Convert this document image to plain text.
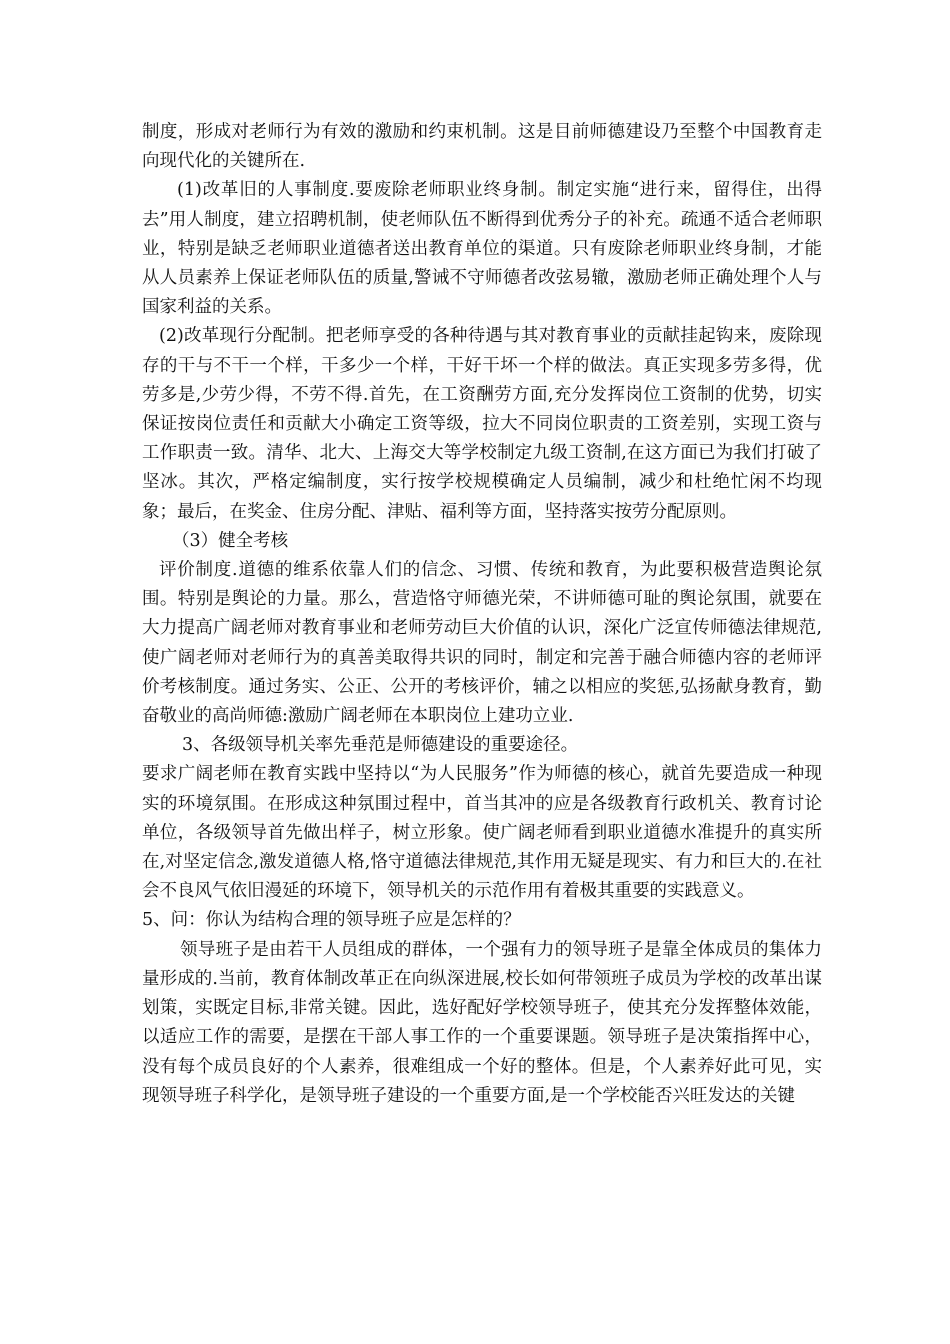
制度，形成对老师行为有效的激励和约束机制。这是目前师德建设乃至整个中国教育走向现代化的关键所在.

(1)改革旧的人事制度.要废除老师职业终身制。制定实施“进行来，留得住，出得去”用人制度，建立招聘机制，使老师队伍不断得到优秀分子的补充。疏通不适合老师职业，特别是缺乏老师职业道德者送出教育单位的渠道。只有废除老师职业终身制，才能从人员素养上保证老师队伍的质量,警诫不守师德者改弦易辙，激励老师正确处理个人与国家利益的关系。

(2)改革现行分配制。把老师享受的各种待遇与其对教育事业的贡献挂起钩来，废除现存的干与不干一个样，干多少一个样，干好干坏一个样的做法。真正实现多劳多得，优劳多是,少劳少得，不劳不得.首先，在工资酬劳方面,充分发挥岗位工资制的优势，切实保证按岗位责任和贡献大小确定工资等级，拉大不同岗位职责的工资差别，实现工资与工作职责一致。清华、北大、上海交大等学校制定九级工资制,在这方面已为我们打破了坚冰。其次，严格定编制度，实行按学校规模确定人员编制，减少和杜绝忙闲不均现象；最后，在奖金、住房分配、津贴、福利等方面，坚持落实按劳分配原则。

（3）健全考核

评价制度.道德的维系依靠人们的信念、习惯、传统和教育，为此要积极营造舆论氛围。特别是舆论的力量。那么，营造恪守师德光荣，不讲师德可耻的舆论氛围，就要在大力提高广阔老师对教育事业和老师劳动巨大价值的认识，深化广泛宣传师德法律规范,使广阔老师对老师行为的真善美取得共识的同时，制定和完善于融合师德内容的老师评价考核制度。通过务实、公正、公开的考核评价，辅之以相应的奖惩,弘扬献身教育，勤奋敬业的高尚师德:激励广阔老师在本职岗位上建功立业.

3、各级领导机关率先垂范是师德建设的重要途径。

要求广阔老师在教育实践中坚持以“为人民服务”作为师德的核心，就首先要造成一种现实的环境氛围。在形成这种氛围过程中，首当其冲的应是各级教育行政机关、教育讨论单位，各级领导首先做出样子，树立形象。使广阔老师看到职业道德水准提升的真实所在,对坚定信念,激发道德人格,恪守道德法律规范,其作用无疑是现实、有力和巨大的.在社会不良风气依旧漫延的环境下，领导机关的示范作用有着极其重要的实践意义。

5、问：你认为结构合理的领导班子应是怎样的？

领导班子是由若干人员组成的群体，一个强有力的领导班子是靠全体成员的集体力量形成的.当前，教育体制改革正在向纵深进展,校长如何带领班子成员为学校的改革出谋划策，实既定目标,非常关键。因此，选好配好学校领导班子，使其充分发挥整体效能，以适应工作的需要，是摆在干部人事工作的一个重要课题。领导班子是决策指挥中心，没有每个成员良好的个人素养，很难组成一个好的整体。但是，个人素养好此可见，实现领导班子科学化，是领导班子建设的一个重要方面,是一个学校能否兴旺发达的关键
